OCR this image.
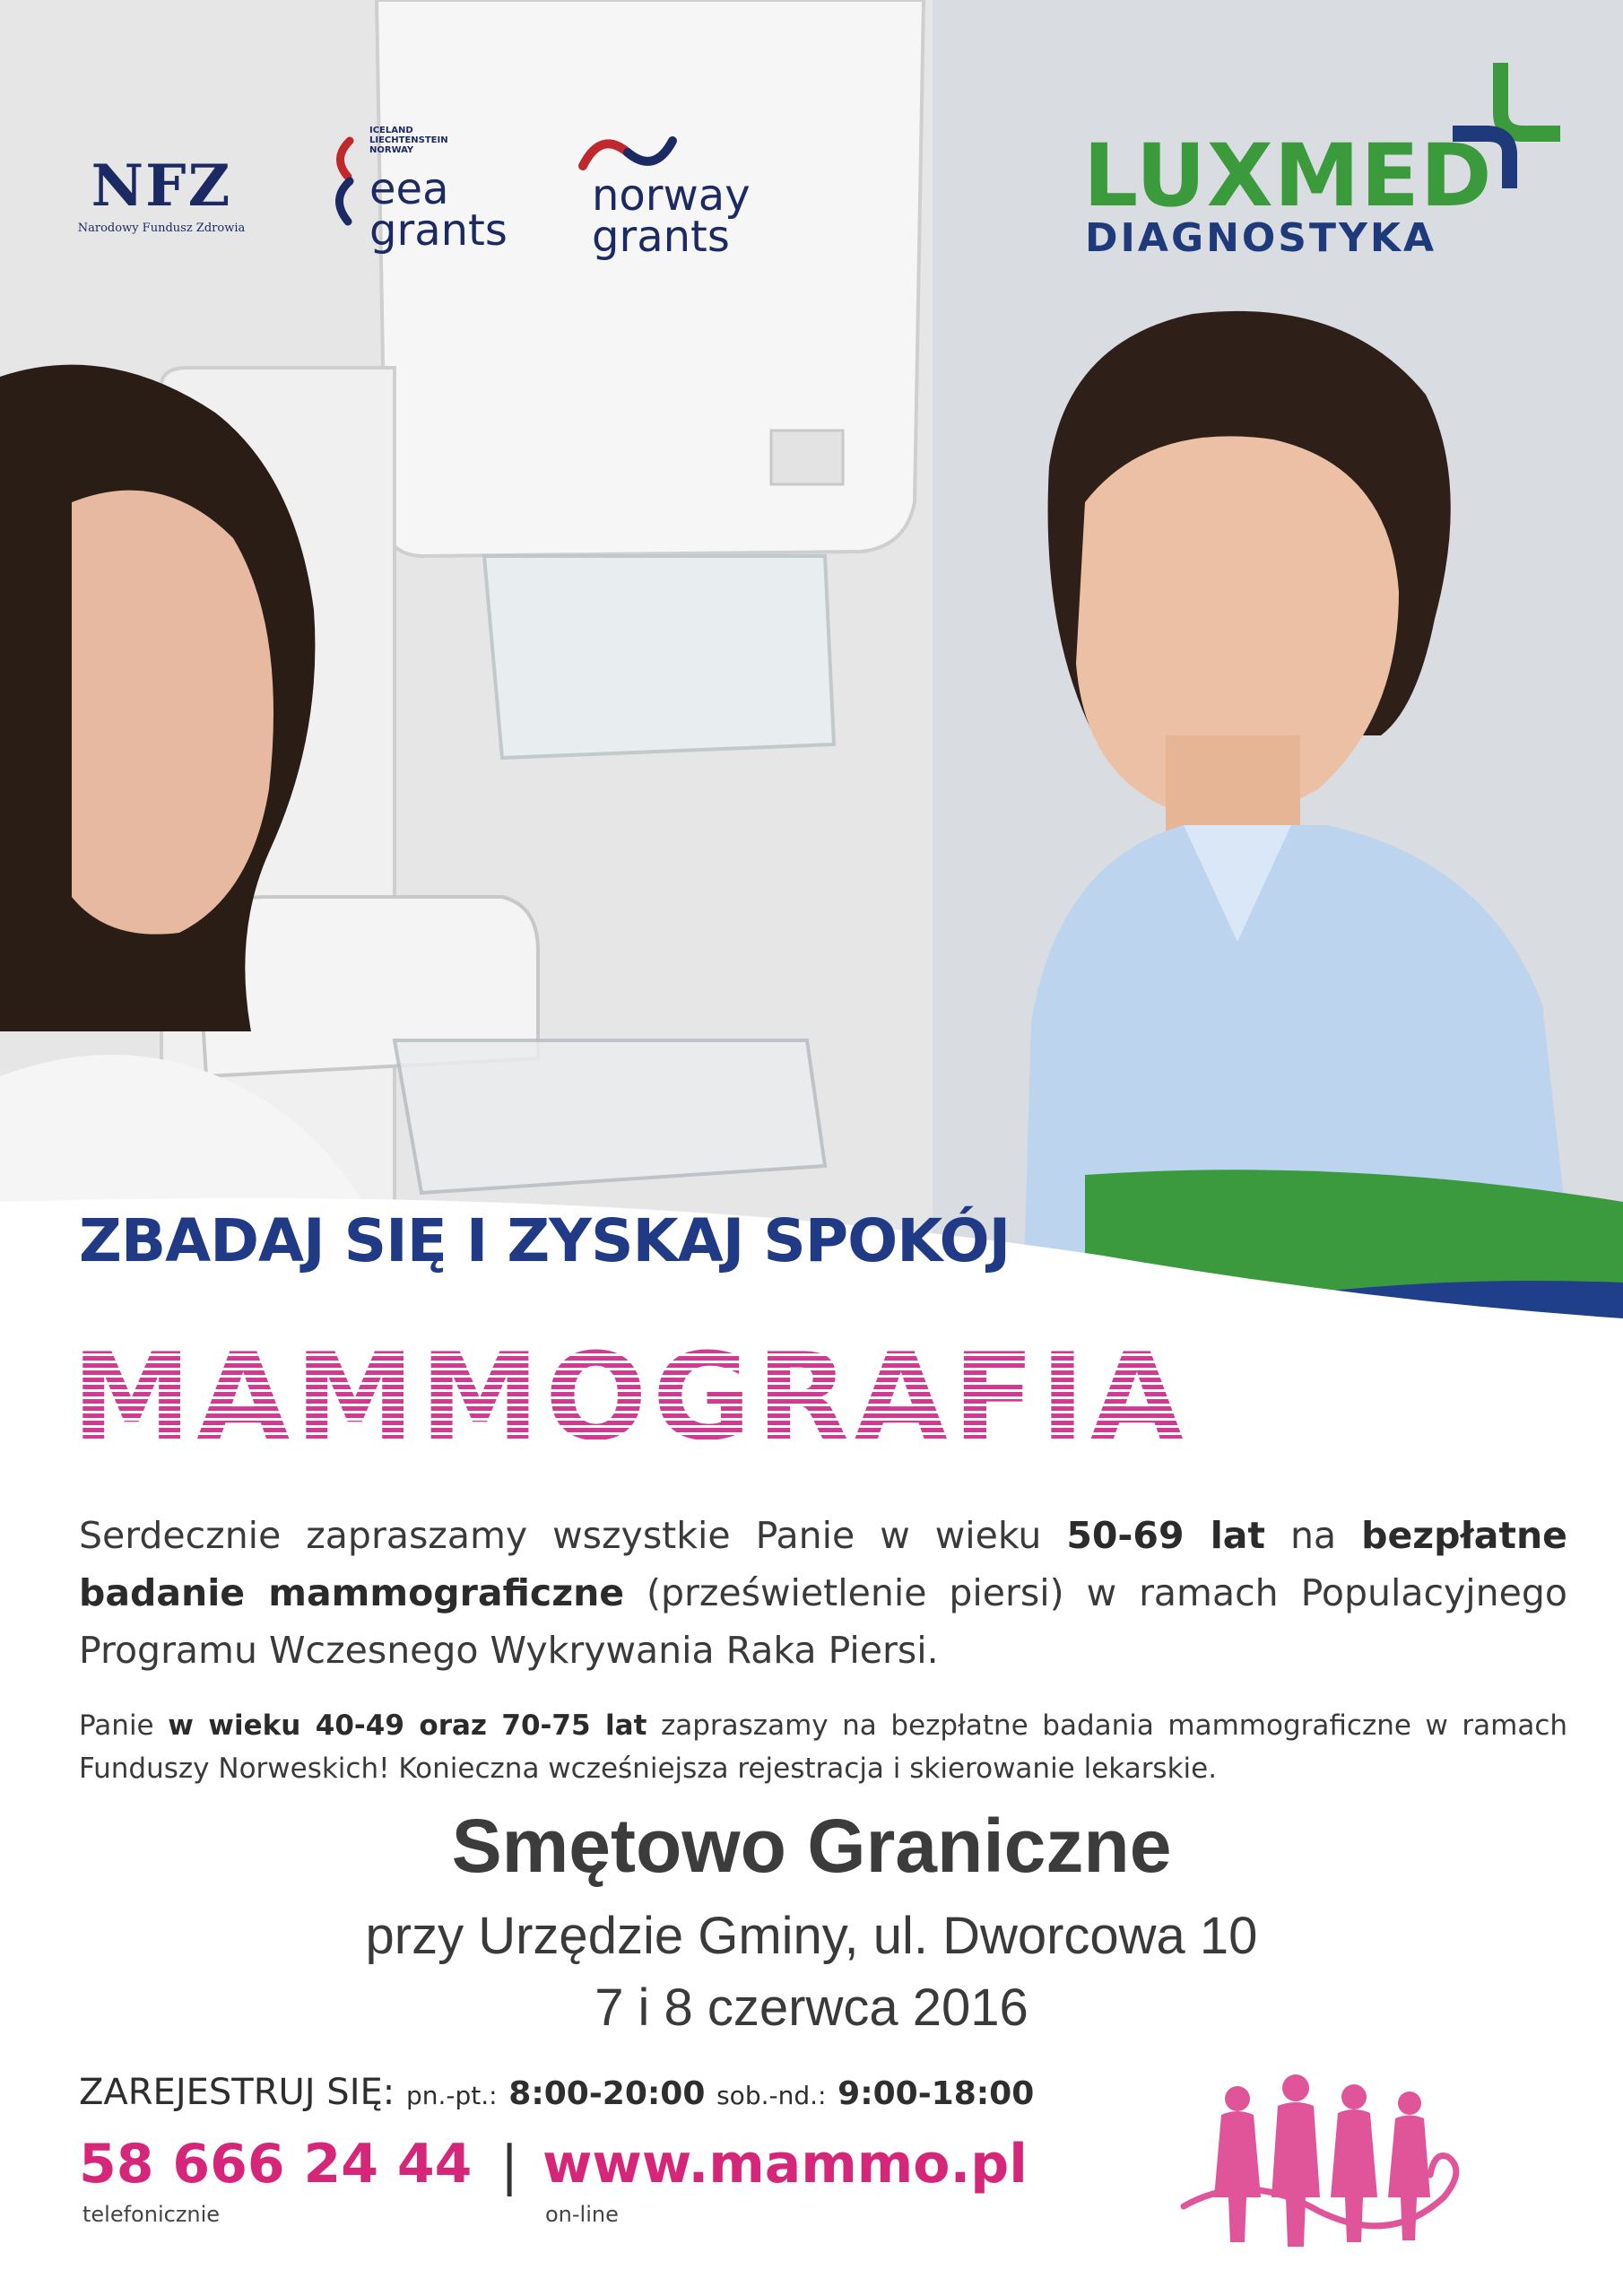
NFZ
Narodowy Fundusz Zdrowia
ICELAND
LIECHTENSTEIN
NORWAY
eea
grants
norway
grants
LUXMED
DIAGNOSTYKA
ZBADAJ SIĘ I ZYSKAJ SPOKÓJ
MAMMOGRAFIA
Serdecznie zapraszamy wszystkie Panie w wieku 50-69 lat na bezpłatne badanie mammograficzne (prześwietlenie piersi) w ramach Populacyjnego Programu Wczesnego Wykrywania Raka Piersi.
Panie w wieku 40-49 oraz 70-75 lat zapraszamy na bezpłatne badania mammograficzne w ramach Funduszy Norweskich! Konieczna wcześniejsza rejestracja i skierowanie lekarskie.
Smętowo Graniczne
przy Urzędzie Gminy, ul. Dworcowa 10
7 i 8 czerwca 2016
ZAREJESTRUJ SIĘ: pn.-pt.: 8:00-20:00 sob.-nd.: 9:00-18:00
58 666 24 44 | www.mammo.pl
telefonicznie	on-line
